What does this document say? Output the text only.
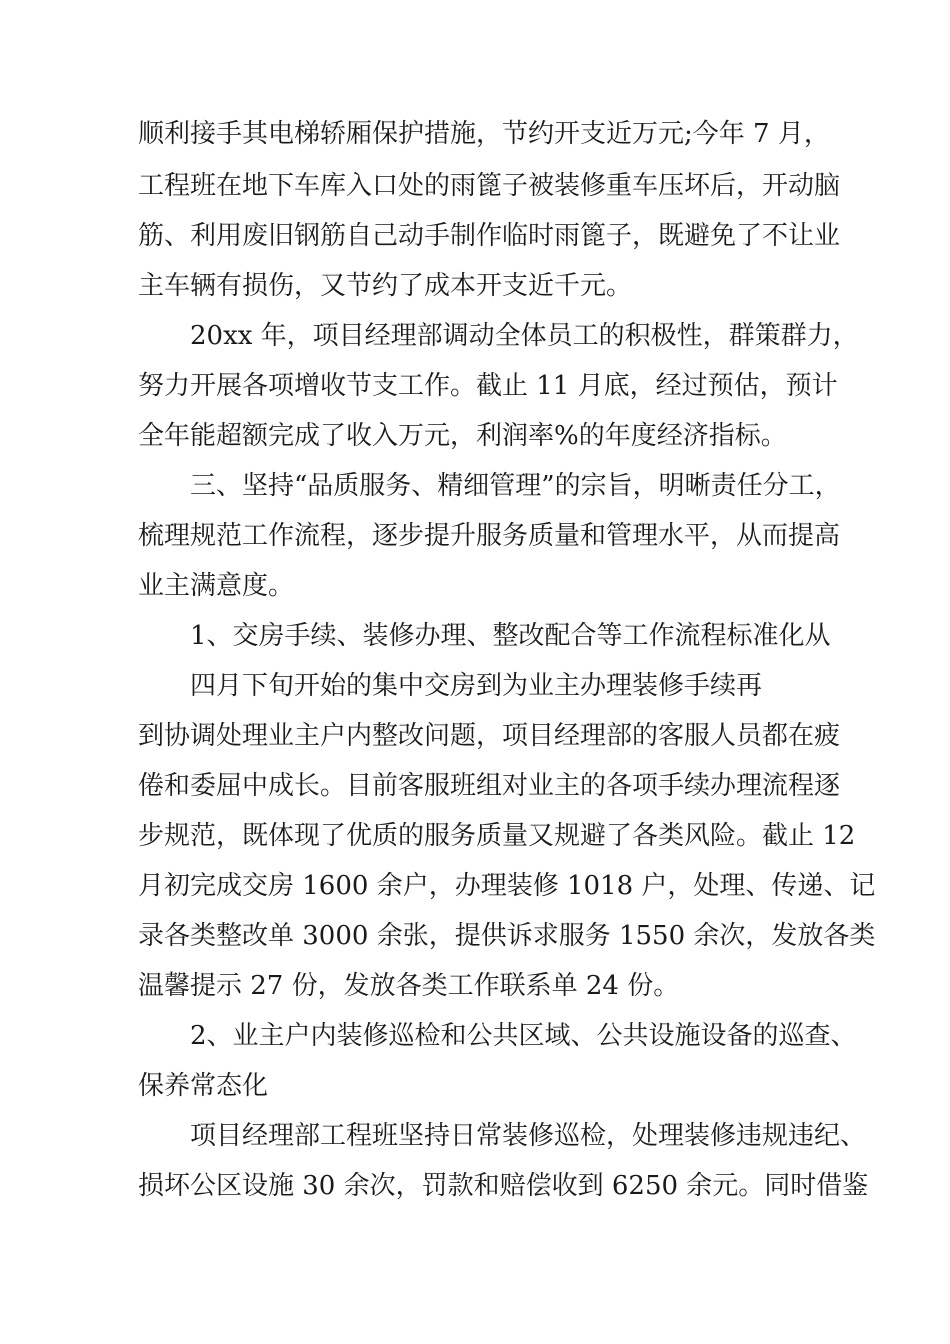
顺利接手其电梯轿厢保护措施，节约开支近万元;今年 7 月，
工程班在地下车库入口处的雨篦子被装修重车压坏后，开动脑
筋、利用废旧钢筋自己动手制作临时雨篦子，既避免了不让业
主车辆有损伤，又节约了成本开支近千元。
20xx 年，项目经理部调动全体员工的积极性，群策群力，
努力开展各项增收节支工作。截止 11 月底，经过预估，预计
全年能超额完成了收入万元，利润率%的年度经济指标。
三、坚持“品质服务、精细管理”的宗旨，明晰责任分工，
梳理规范工作流程，逐步提升服务质量和管理水平，从而提高
业主满意度。
1、交房手续、装修办理、整改配合等工作流程标准化从
四月下旬开始的集中交房到为业主办理装修手续再
到协调处理业主户内整改问题，项目经理部的客服人员都在疲
倦和委屈中成长。目前客服班组对业主的各项手续办理流程逐
步规范，既体现了优质的服务质量又规避了各类风险。截止 12
月初完成交房 1600 余户，办理装修 1018 户，处理、传递、记
录各类整改单 3000 余张，提供诉求服务 1550 余次，发放各类
温馨提示 27 份，发放各类工作联系单 24 份。
2、业主户内装修巡检和公共区域、公共设施设备的巡查、
保养常态化
项目经理部工程班坚持日常装修巡检，处理装修违规违纪、
损坏公区设施 30 余次，罚款和赔偿收到 6250 余元。同时借鉴
